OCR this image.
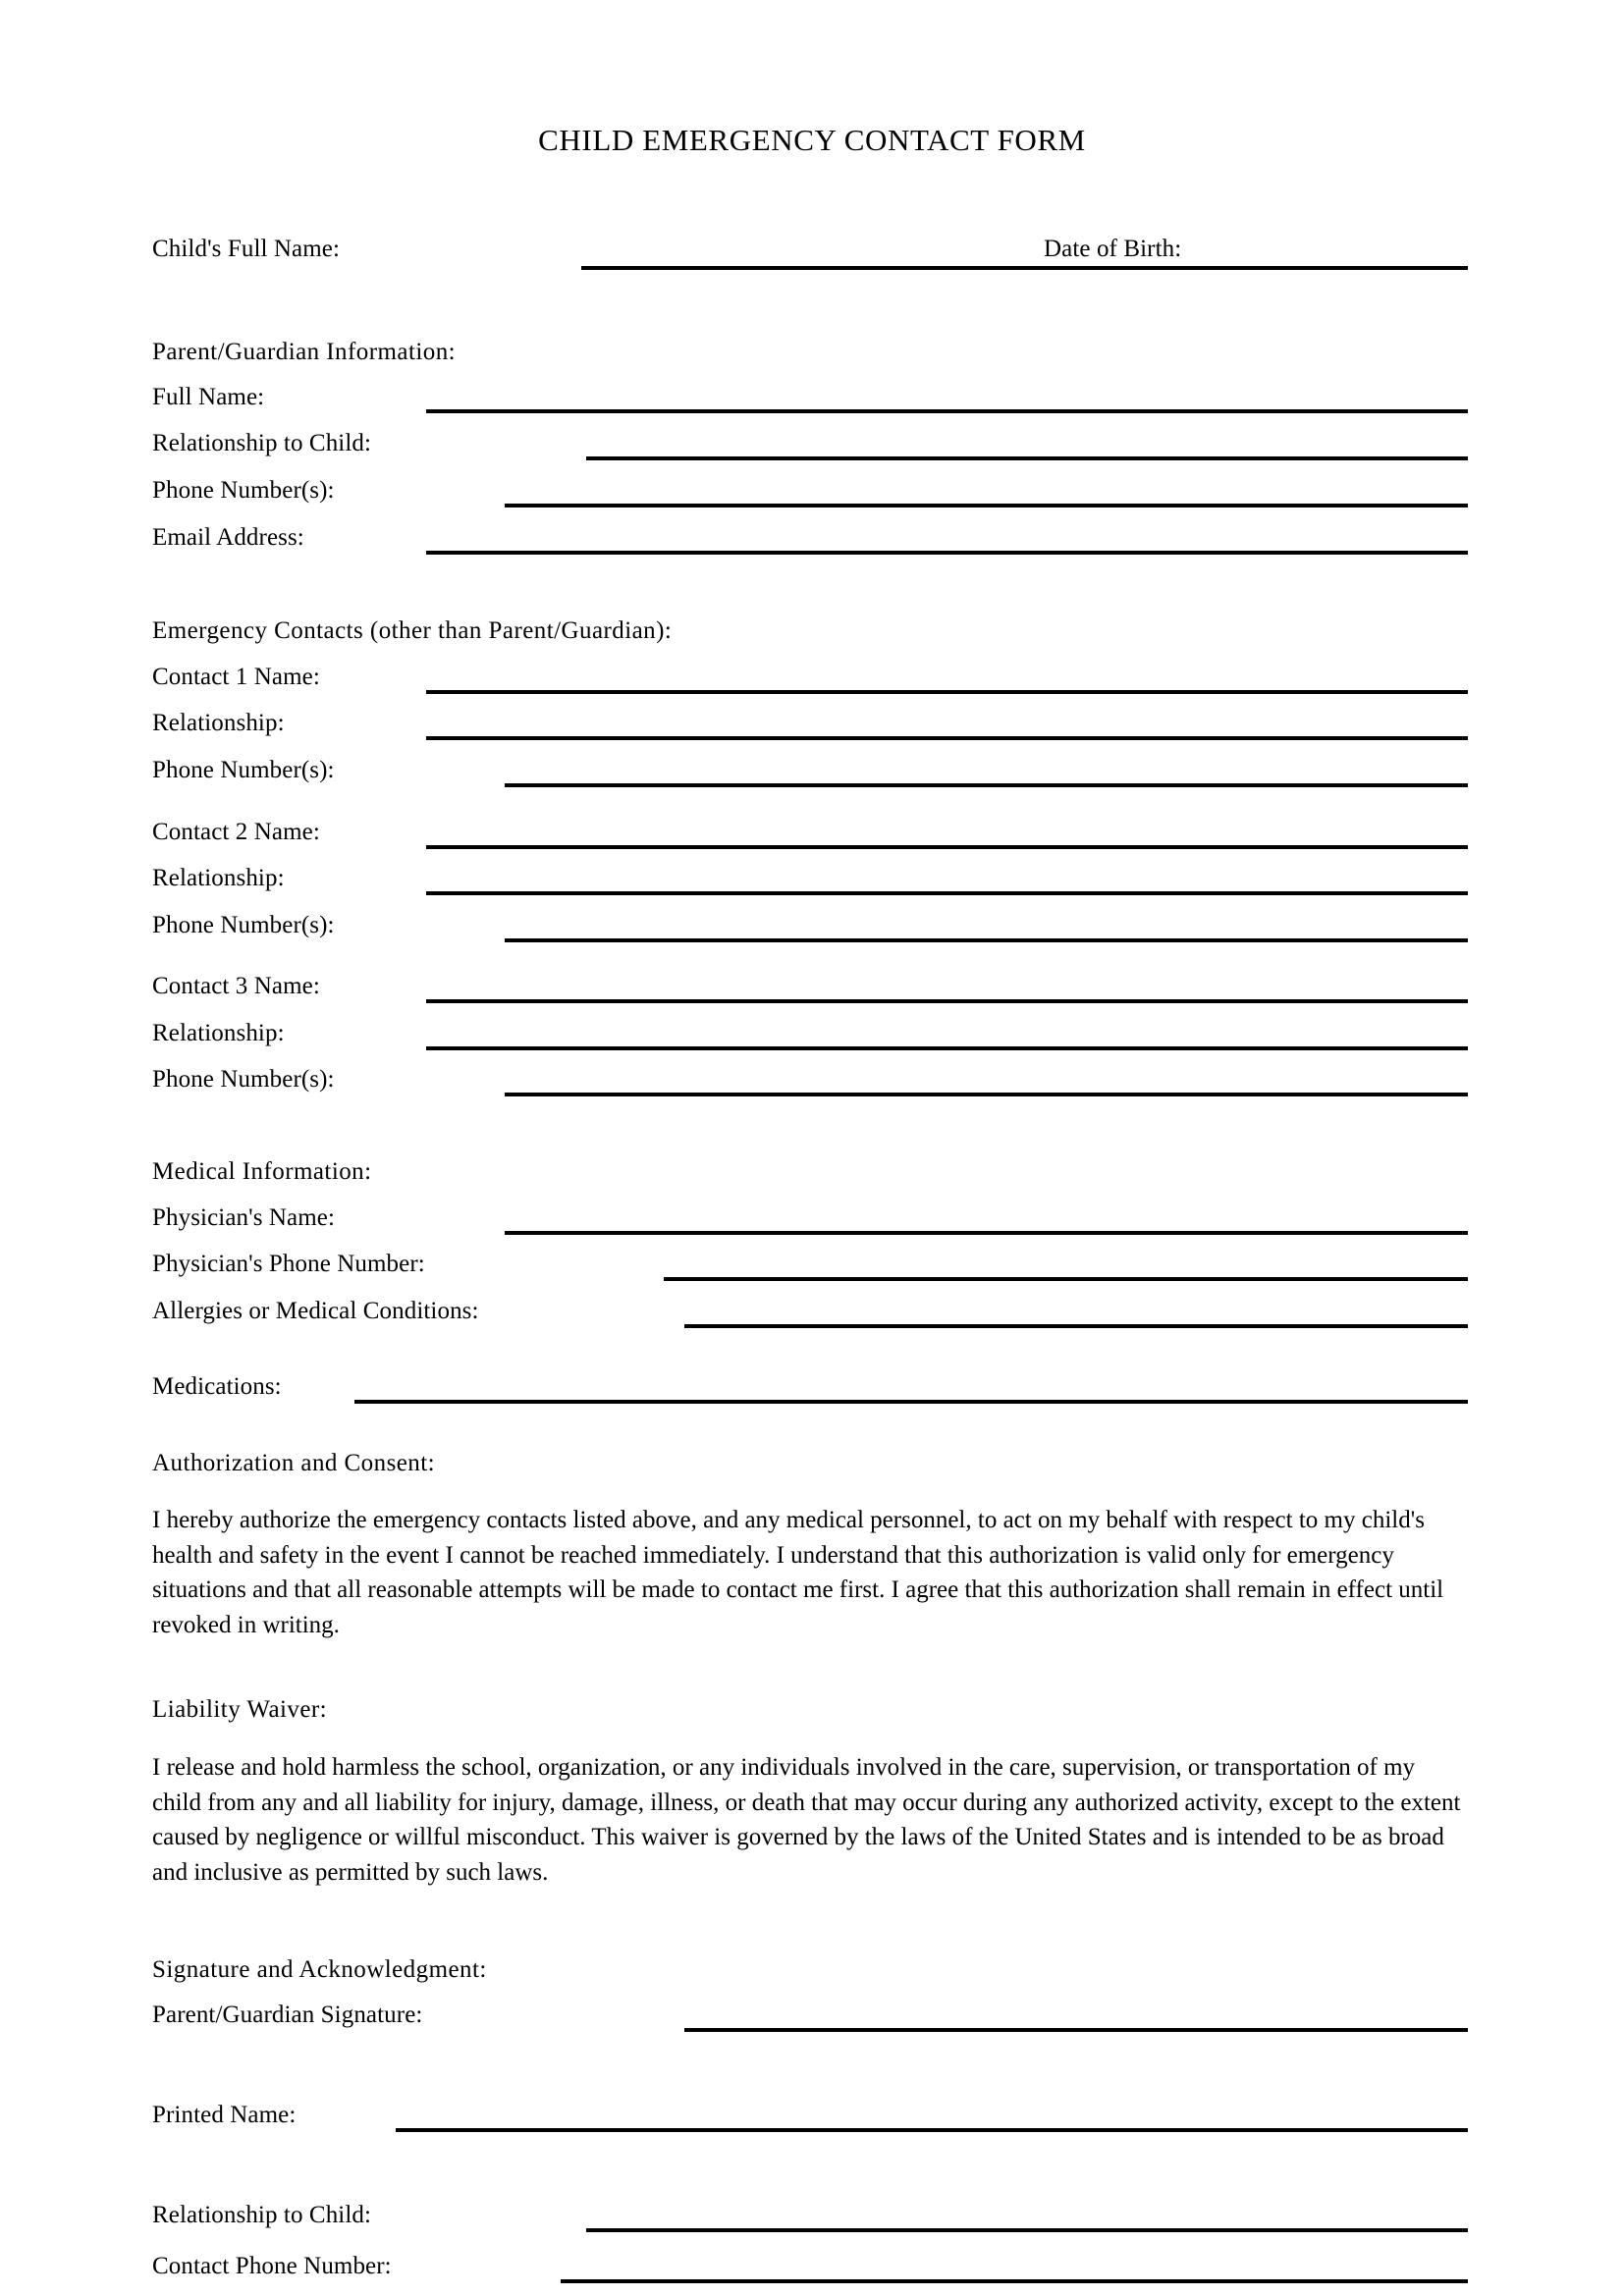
CHILD EMERGENCY CONTACT FORM
Child's Full Name:	Date of Birth:
Parent/Guardian Information:
Full Name:
Relationship to Child:
Phone Number(s):
Email Address:
Emergency Contacts (other than Parent/Guardian):
Contact 1 Name:
Relationship:
Phone Number(s):
Contact 2 Name:
Relationship:
Phone Number(s):
Contact 3 Name:
Relationship:
Phone Number(s):
Medical Information:
Physician's Name:
Physician's Phone Number:
Allergies or Medical Conditions:
Medications:
Authorization and Consent:
I hereby authorize the emergency contacts listed above, and any medical personnel, to act on my behalf with respect to my child's health and safety in the event I cannot be reached immediately. I understand that this authorization is valid only for emergency situations and that all reasonable attempts will be made to contact me first. I agree that this authorization shall remain in effect until revoked in writing.
Liability Waiver:
I release and hold harmless the school, organization, or any individuals involved in the care, supervision, or transportation of my child from any and all liability for injury, damage, illness, or death that may occur during any authorized activity, except to the extent caused by negligence or willful misconduct. This waiver is governed by the laws of the United States and is intended to be as broad and inclusive as permitted by such laws.
Signature and Acknowledgment:
Parent/Guardian Signature:
Printed Name:
Relationship to Child:
Contact Phone Number:
